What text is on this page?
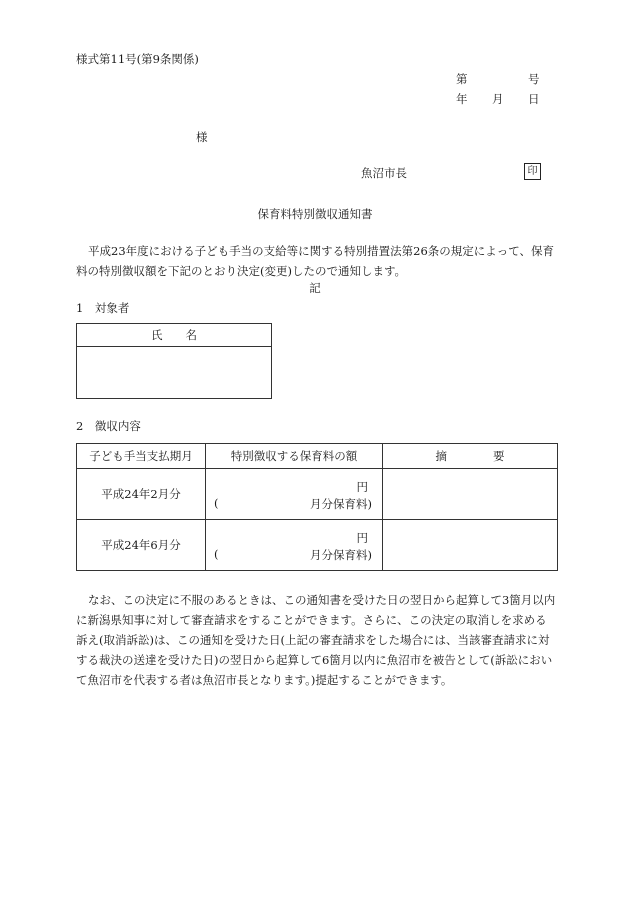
様式第11号(第9条関係)
第	号
年 月 日
様
魚沼市長	印
保育料特別徴収通知書
平成23年度における子ども手当の支給等に関する特別措置法第26条の規定によって、保育料の特別徴収額を下記のとおり決定(変更)したので通知します。
記
1　対象者
氏　　名

2　徴収内容
子ども手当支払期月	特別徴収する保育料の額	摘　　　　要
平成24年2月分	円
( 月分保育料)	

平成24年6月分	円
( 月分保育料)	

なお、この決定に不服のあるときは、この通知書を受けた日の翌日から起算して3箇月以内に新潟県知事に対して審査請求をすることができます。さらに、この決定の取消しを求める訴え(取消訴訟)は、この通知を受けた日(上記の審査請求をした場合には、当該審査請求に対する裁決の送達を受けた日)の翌日から起算して6箇月以内に魚沼市を被告として(訴訟において魚沼市を代表する者は魚沼市長となります。)提起することができます。
